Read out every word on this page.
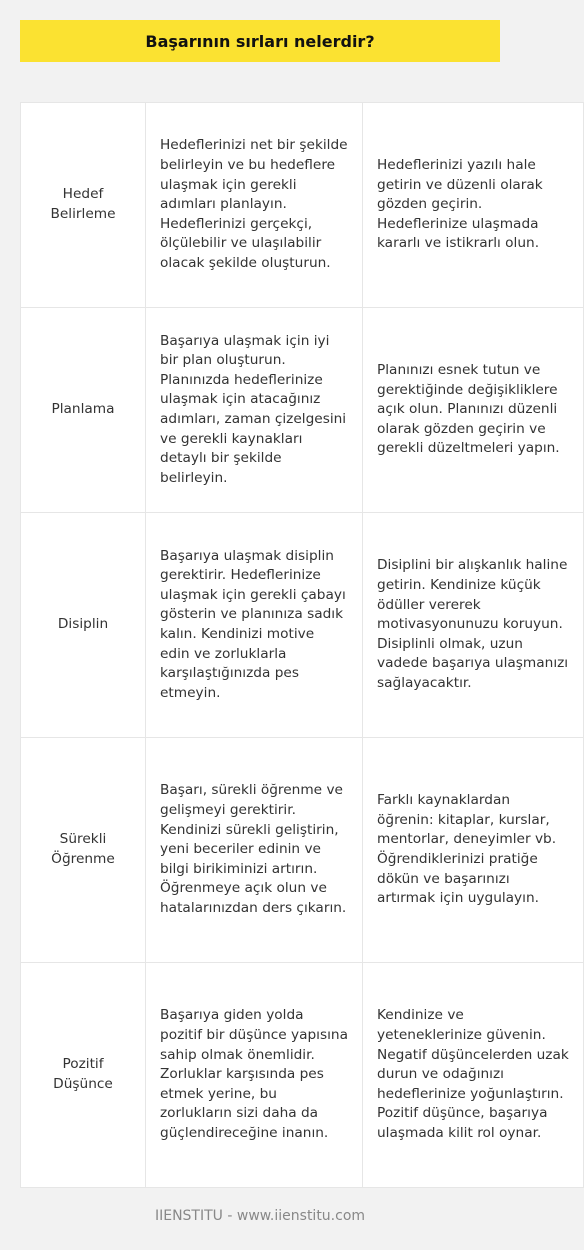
Başarının sırları nelerdir?
Hedef Belirleme	Hedeflerinizi net bir şekilde belirleyin ve bu hedeflere ulaşmak için gerekli adımları planlayın. Hedeflerinizi gerçekçi, ölçülebilir ve ulaşılabilir olacak şekilde oluşturun.	Hedeflerinizi yazılı hale getirin ve düzenli olarak gözden geçirin. Hedeflerinize ulaşmada kararlı ve istikrarlı olun.
Planlama	Başarıya ulaşmak için iyi bir plan oluşturun. Planınızda hedeflerinize ulaşmak için atacağınız adımları, zaman çizelgesini ve gerekli kaynakları detaylı bir şekilde belirleyin.	Planınızı esnek tutun ve gerektiğinde değişikliklere açık olun. Planınızı düzenli olarak gözden geçirin ve gerekli düzeltmeleri yapın.
Disiplin	Başarıya ulaşmak disiplin gerektirir. Hedeflerinize ulaşmak için gerekli çabayı gösterin ve planınıza sadık kalın. Kendinizi motive edin ve zorluklarla karşılaştığınızda pes etmeyin.	Disiplini bir alışkanlık haline getirin. Kendinize küçük ödüller vererek motivasyonunuzu koruyun. Disiplinli olmak, uzun vadede başarıya ulaşmanızı sağlayacaktır.
Sürekli Öğrenme	Başarı, sürekli öğrenme ve gelişmeyi gerektirir. Kendinizi sürekli geliştirin, yeni beceriler edinin ve bilgi birikiminizi artırın. Öğrenmeye açık olun ve hatalarınızdan ders çıkarın.	Farklı kaynaklardan öğrenin: kitaplar, kurslar, mentorlar, deneyimler vb. Öğrendiklerinizi pratiğe dökün ve başarınızı artırmak için uygulayın.
Pozitif Düşünce	Başarıya giden yolda pozitif bir düşünce yapısına sahip olmak önemlidir. Zorluklar karşısında pes etmek yerine, bu zorlukların sizi daha da güçlendireceğine inanın.	Kendinize ve yeteneklerinize güvenin. Negatif düşüncelerden uzak durun ve odağınızı hedeflerinize yoğunlaştırın. Pozitif düşünce, başarıya ulaşmada kilit rol oynar.
IIENSTITU - www.iienstitu.com
